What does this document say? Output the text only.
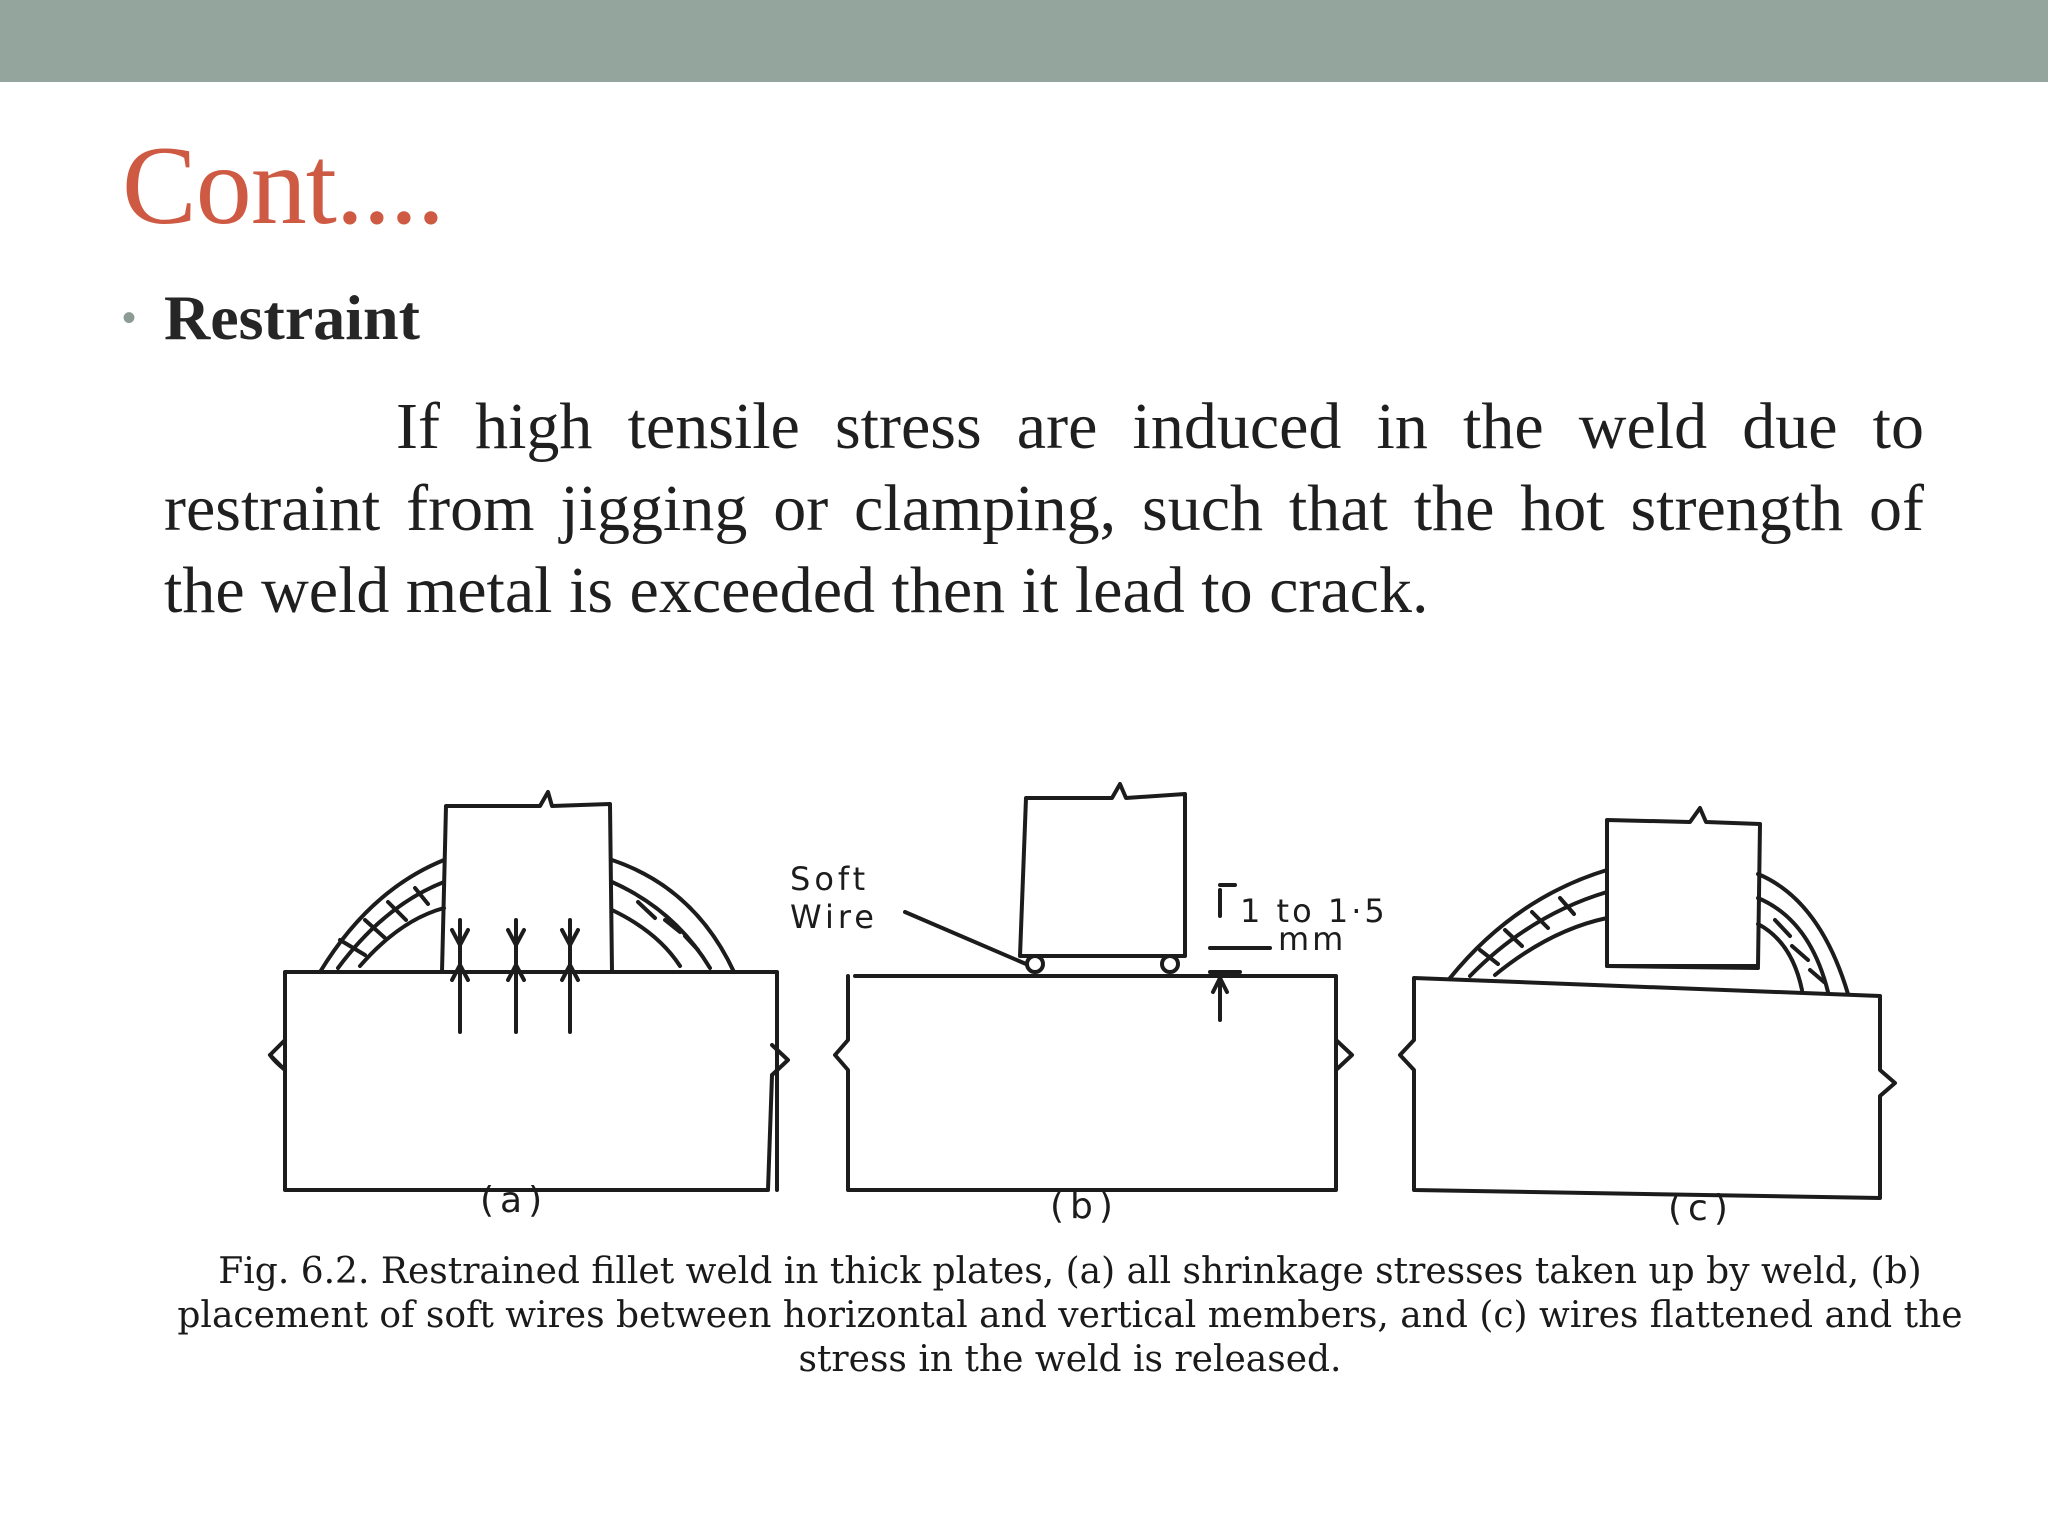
Cont....
• Restraint

If high tensile stress are induced in the weld due to restraint from jigging or clamping, such that the hot strength of the weld metal is exceeded then it lead to crack.

Soft
Wire	1 to 1·5
mm
(a)	(b)	(c)

Fig. 6.2. Restrained fillet weld in thick plates, (a) all shrinkage stresses taken up by weld, (b) placement of soft wires between horizontal and vertical members, and (c) wires flattened and the stress in the weld is released.
